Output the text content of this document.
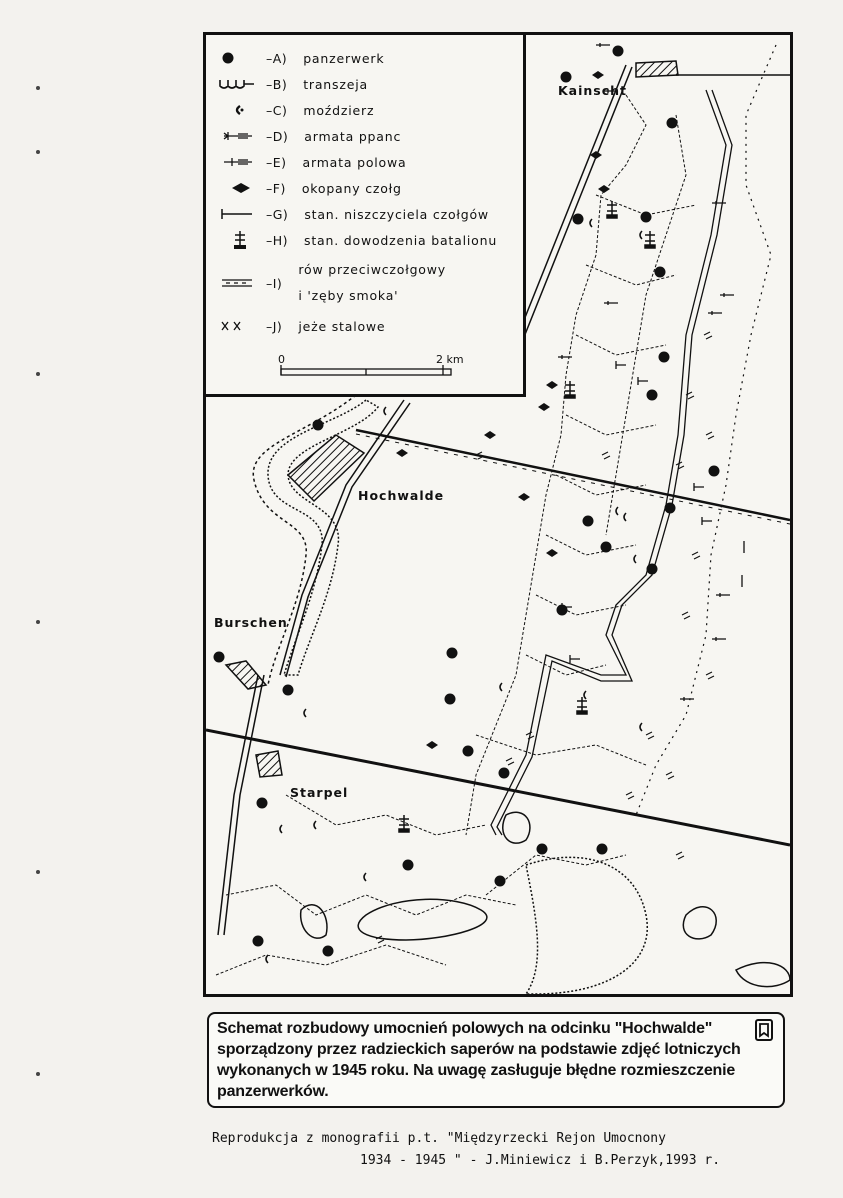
–A) panzerwerk
–B) transzeja
–C) moździerz
–D) armata ppanc
–E) armata polowa
–F) okopany czołg
–G) stan. niszczyciela czołgów
–H) stan. dowodzenia batalionu
–I)
rów przeciwczołgowy
i 'zęby smoka'
–J) jeże stalowe
0	2 km
Kainscht
Hochwalde
Burschen
Starpel

Schemat rozbudowy umocnień polowych na odcinku "Hochwalde" sporządzony przez radzieckich saperów na podstawie zdjęć lotniczych wykonanych w 1945 roku. Na uwagę zasługuje błędne rozmieszczenie panzerwerków.

Reprodukcja z monografii p.t. "Międzyrzecki Rejon Umocnony
1934 - 1945 " - J.Miniewicz i B.Perzyk,1993 r.
